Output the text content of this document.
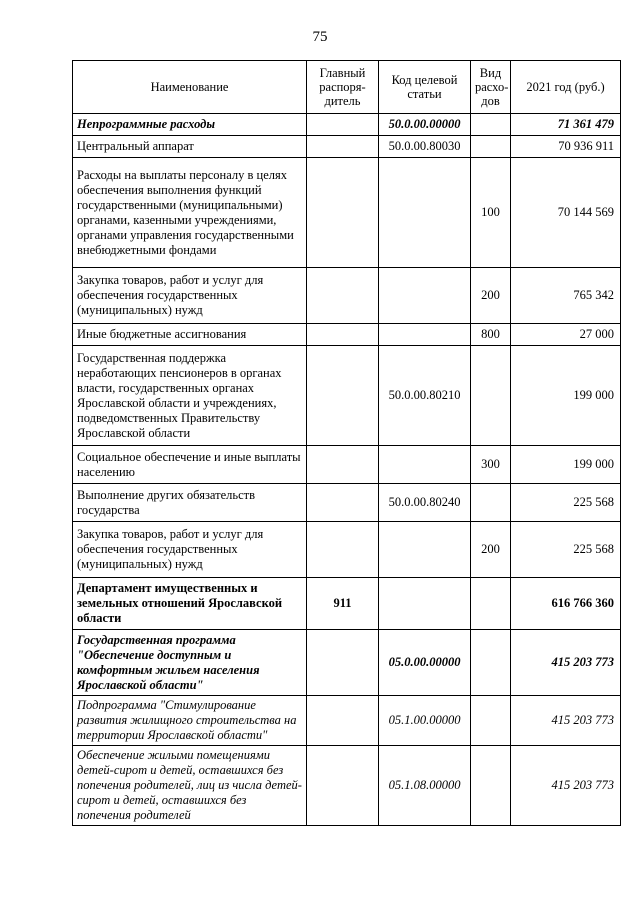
75
Наименование	Главный распоря-дитель	Код целевой статьи	Вид расхо-дов	2021 год (руб.)
Непрограммные расходы		50.0.00.00000		71 361 479
Центральный аппарат		50.0.00.80030		70 936 911
Расходы на выплаты персоналу в целях обеспечения выполнения функций государственными (муниципальными) органами, казенными учреждениями, органами управления государственными внебюджетными фондами			100	70 144 569
Закупка товаров, работ и услуг для обеспечения государственных (муниципальных) нужд			200	765 342
Иные бюджетные ассигнования			800	27 000
Государственная поддержка неработающих пенсионеров в органах власти, государственных органах Ярославской области и учреждениях, подведомственных Правительству Ярославской области		50.0.00.80210		199 000
Социальное обеспечение и иные выплаты населению			300	199 000
Выполнение других обязательств государства		50.0.00.80240		225 568
Закупка товаров, работ и услуг для обеспечения государственных (муниципальных) нужд			200	225 568
Департамент имущественных и земельных отношений Ярославской области	911			616 766 360
Государственная программа "Обеспечение доступным и комфортным жильем населения Ярославской области"		05.0.00.00000		415 203 773
Подпрограмма "Стимулирование развития жилищного строительства на территории Ярославской области"		05.1.00.00000		415 203 773
Обеспечение жилыми помещениями детей-сирот и детей, оставшихся без попечения родителей, лиц из числа детей-сирот и детей, оставшихся без попечения родителей		05.1.08.00000		415 203 773
